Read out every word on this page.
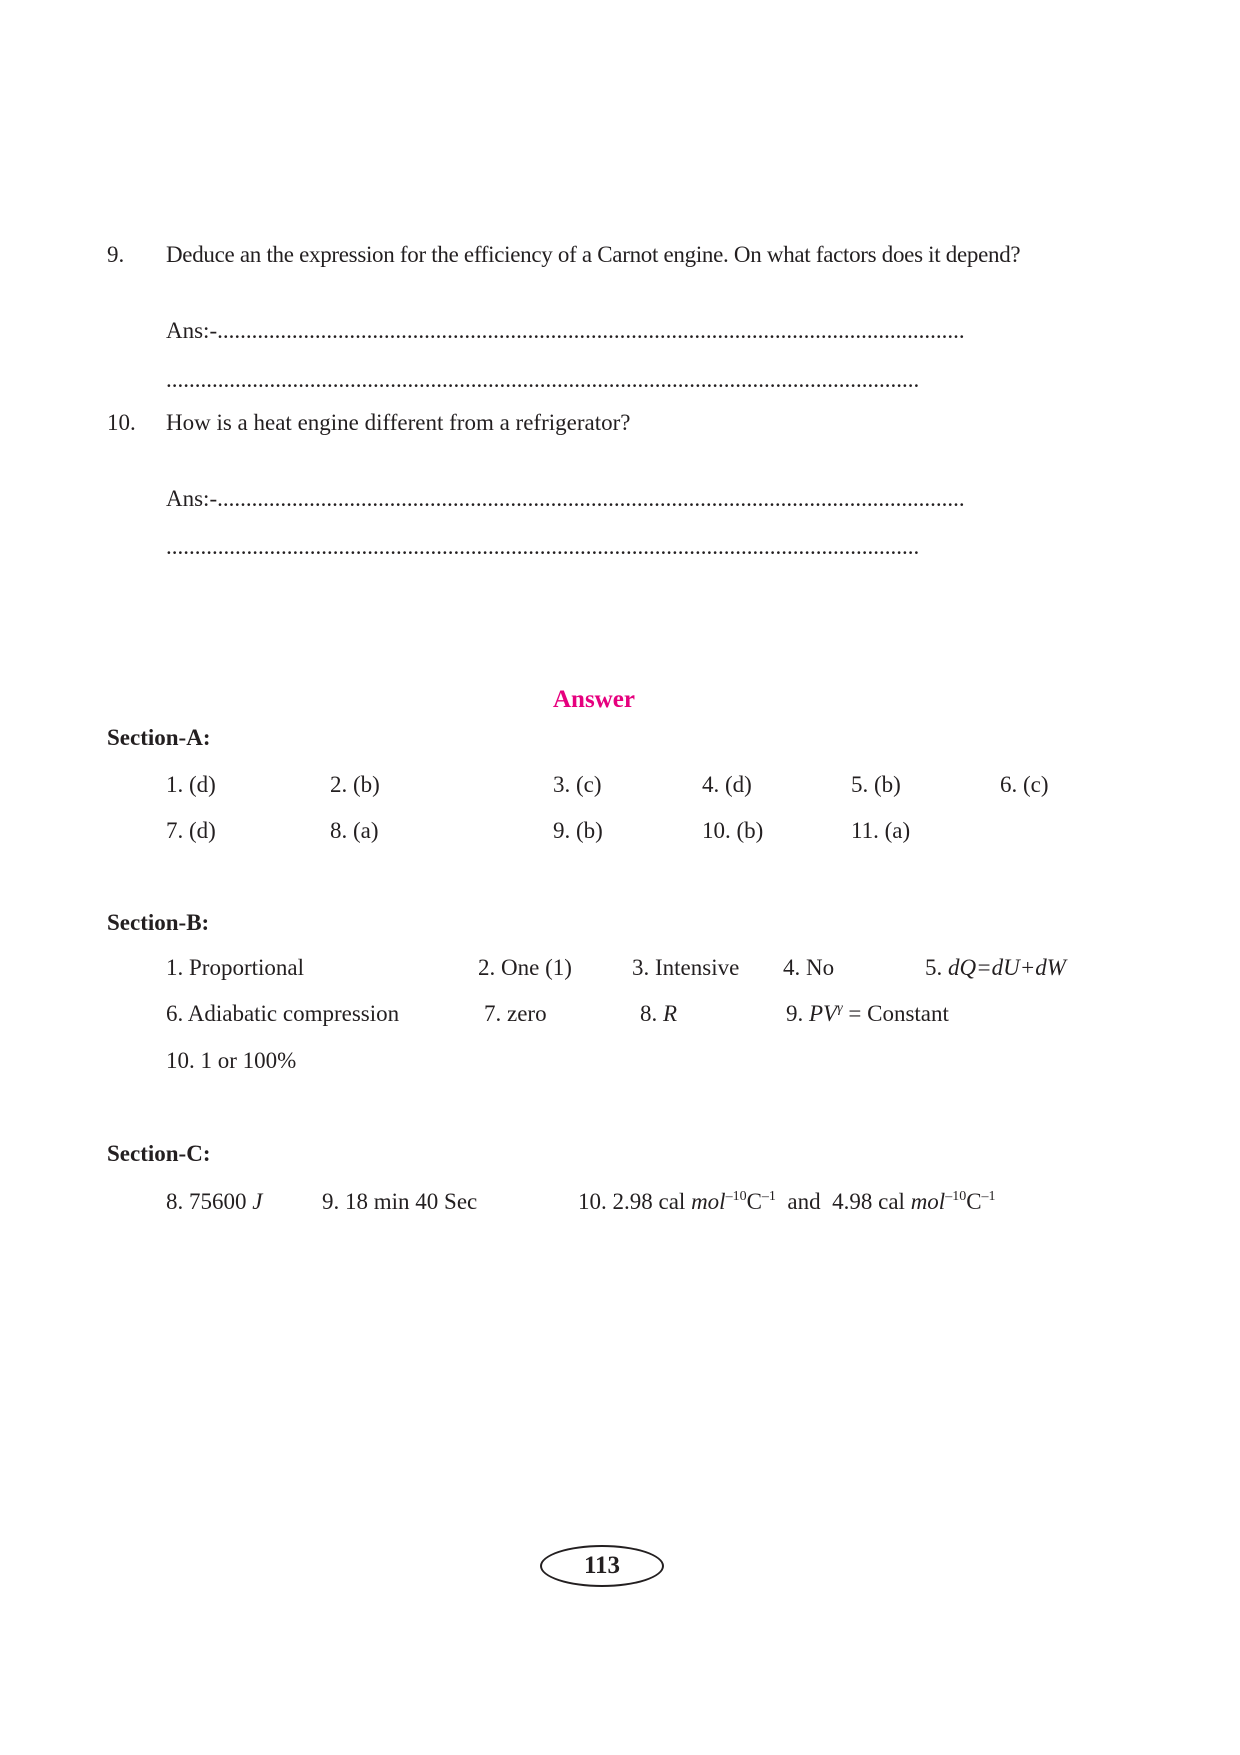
9. Deduce an the expression for the efficiency of a Carnot engine. On what factors does it depend?
Ans:-..................................................................................................................................
...................................................................................................................................
10. How is a heat engine different from a refrigerator?
Ans:-..................................................................................................................................
...................................................................................................................................
Answer
Section-A:
1. (d)	2. (b)	3. (c)	4. (d)	5. (b)	6. (c)
7. (d)	8. (a)	9. (b)	10. (b)	11. (a)
Section-B:
1. Proportional	2. One (1)	3. Intensive 4. No	5. dQ=dU+dW
6. Adiabatic compression	7. zero	8. R	9. $PV^\gamma$ = Constant
10. 1 or 100%
Section-C:
8. 75600 J	9. 18 min 40 Sec	10. 2.98 cal $mol^{-10}C^{-1}$ and 4.98 cal $mol^{-10}C^{-1}$
113
